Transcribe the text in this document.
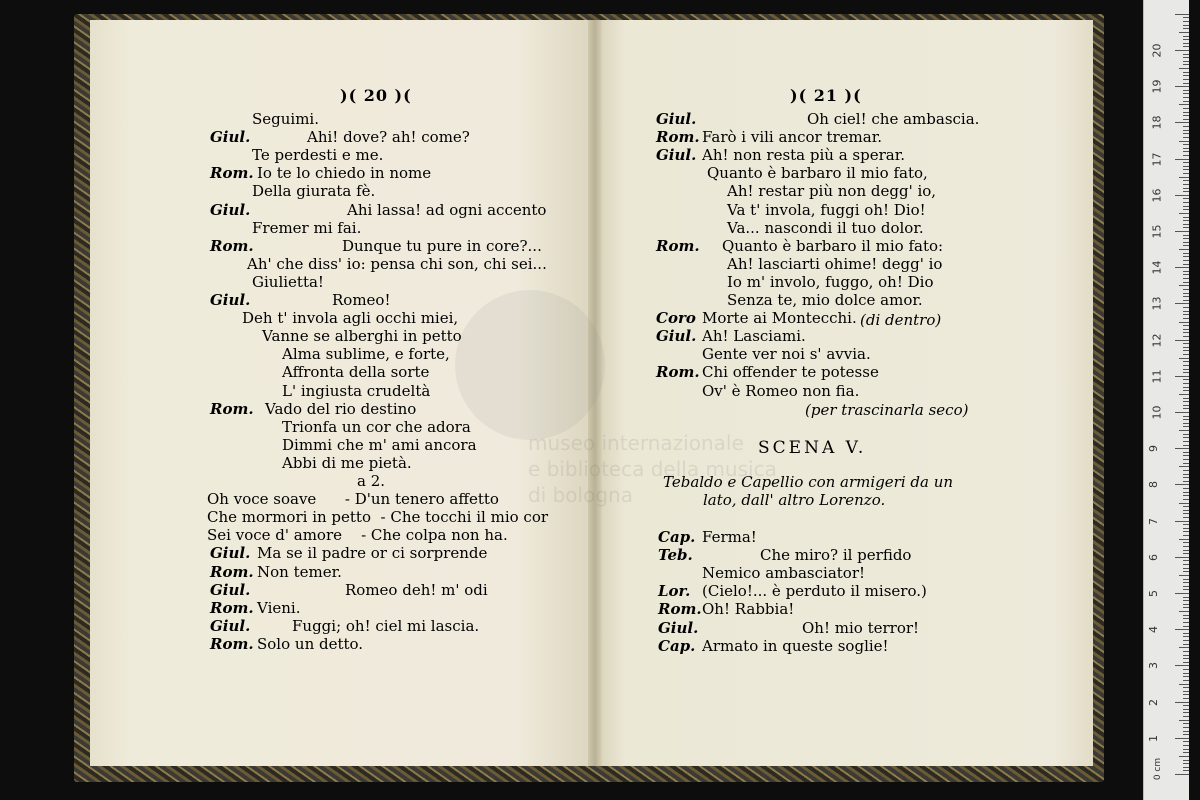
museo internazionale
e biblioteca della musica
di bologna
)( 20 )(	)( 21 )(
Seguimi.
Giul.	Ahi! dove? ah! come?
Te perdesti e me.
Rom. Io te lo chiedo in nome
Della giurata fè.
Giul.	Ahi lassa! ad ogni accento
Fremer mi fai.
Rom.	Dunque tu pure in core?...
Ah' che diss' io: pensa chi son, chi sei...
Giulietta!
Giul.	Romeo!
Deh t' invola agli occhi miei,
Vanne se alberghi in petto
Alma sublime, e forte,
Affronta della sorte
L' ingiusta crudeltà
Rom. Vado del rio destino
Trionfa un cor che adora
Dimmi che m' ami ancora
Abbi di me pietà.
a 2.
Oh voce soave      - D'un tenero affetto
Che mormori in petto  - Che tocchi il mio cor
Sei voce d' amore    - Che colpa non ha.
Giul. Ma se il padre or ci sorprende
Rom. Non temer.
Giul.	Romeo deh! m' odi
Rom. Vieni.
Giul.	Fuggi; oh! ciel mi lascia.
Rom. Solo un detto.
Giul.	Oh ciel! che ambascia.
Rom. Farò i vili ancor tremar.
Giul. Ah! non resta più a sperar.
Quanto è barbaro il mio fato,
Ah! restar più non degg' io,
Va t' invola, fuggi oh! Dio!
Va... nascondi il tuo dolor.
Rom. Quanto è barbaro il mio fato:
Ah! lasciarti ohime! degg' io
Io m' involo, fuggo, oh! Dio
Senza te, mio dolce amor.
Coro Morte ai Montecchi.
Giul. Ah! Lasciami.
Gente ver noi s' avvia.
Rom. Chi offender te potesse
Ov' è Romeo non fia.
Cap. Ferma!
Teb.	Che miro? il perfido
Nemico ambasciator!
Lor. (Cielo!... è perduto il misero.)
Rom. Oh! Rabbia!
Giul.	Oh! mio terror!
Cap. Armato in queste soglie!
(di dentro)
(per trascinarla seco)
SCENA V.
Tebaldo e Capellio con armigeri da un
lato, dall' altro Lorenzo.
1
2
3
4
5
6
7
8
9
10
11
12
13
14
15
16
17
18
19
20
0 cm
